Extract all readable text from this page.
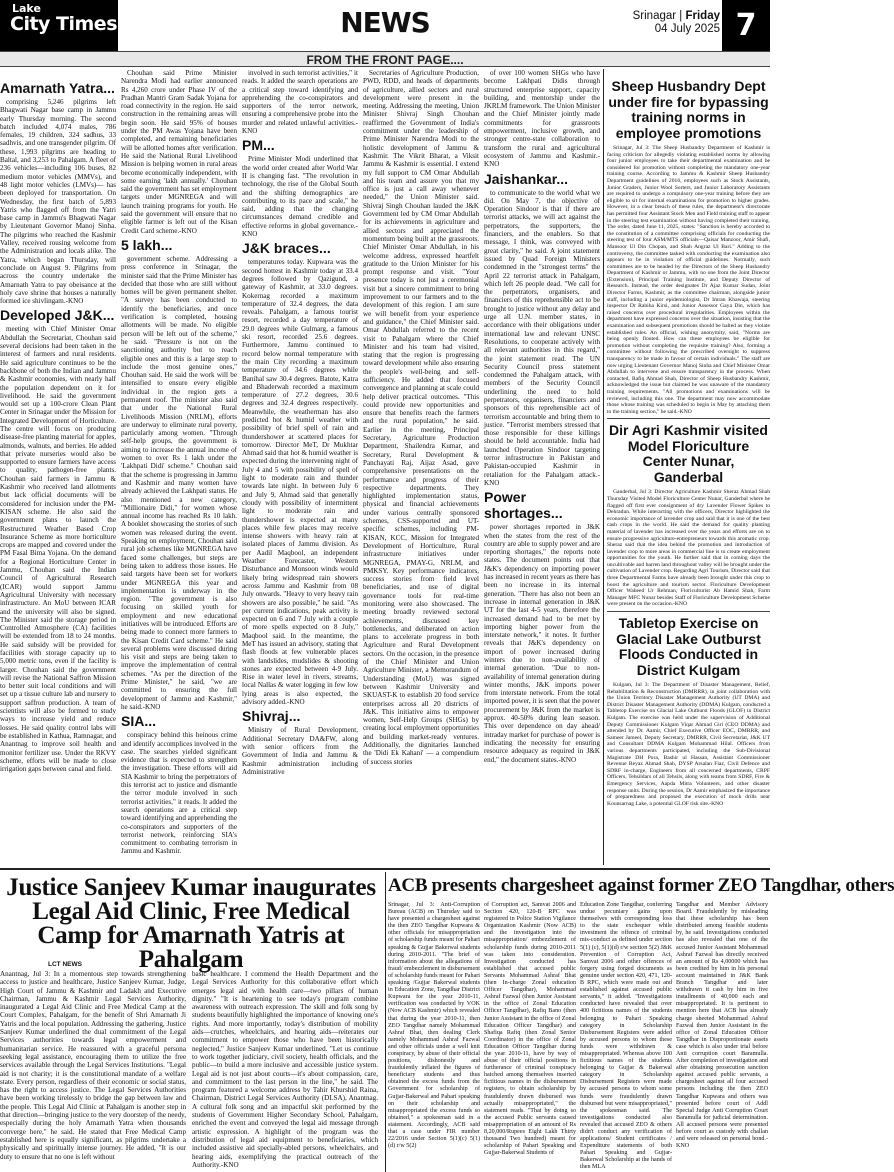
Lake
City Times	NEWS	Srinagar | Friday
04 July 2025 7
FROM THE FRONT PAGE....
Amarnath Yatra...

comprising 5,246 pilgrims left Bhagwati Nagar base camp in Jammu early Thursday morning. The second batch included 4,074 males, 786 females, 19 children, 324 sadhus, 33 sadhvis, and one transgender pilgrim. Of these, 1,993 pilgrims are heading to Baltal, and 3,253 to Pahalgam. A fleet of 236 vehicles—including 106 buses, 82 medium motor vehicles (MMVs), and 48 light motor vehicles (LMVs)— has been deployed for transportation. On Wednesday, the first batch of 5,893 Yatris who flagged off from the Yatri base camp in Jammu's Bhagwati Nagar by Lieutenant Governor Manoj Sinha. The pilgrims who reached the Kashmir Valley, received rousing welcome from the Administration and locals alike. The Yatra, which began Thursday, will conclude on August 9. Pilgrims from across the country undertake the Amarnath Yatra to pay obeisance at the holy cave shrine that houses a naturally formed ice shivlingam.-KNO

Developed J&K...

meeting with Chief Minister Omar Abdullah the Secretariat, Chouhan said several decisions had been taken in the interest of farmers and rural residents. He said agriculture continues to be the backbone of both the Indian and Jammu & Kashmir economies, with nearly half the population dependent on it for livelihood. He said the government would set up a 100-crore Clean Plant Center in Srinagar under the Mission for Integrated Development of Horticulture. The centre will focus on producing disease-free planting material for apples, almonds, walnuts, and berries. He added that private nurseries would also be supported to ensure farmers have access to quality, pathogen-free plants. Chouhan said farmers in Jammu & Kashmir who received land allotments but lack official documents will be considered for inclusion under the PM-KISAN scheme. He also said the government plans to launch the Restructured Weather Based Crop Insurance Scheme as more horticulture crops are mapped and covered under the PM Fasal Bima Yojana. On the demand for a Regional Horticulture Center in Jammu, Chouhan said the Indian Council of Agricultural Research (ICAR) would support Jammu Agricultural University with necessary infrastructure. An MoU between ICAR and the university will also be signed. The Minister said the storage period in Controlled Atmosphere (CA) facilities will be extended from 18 to 24 months. He said subsidy will be provided for facilities with storage capacity up to 5,000 metric tons, even if the facility is larger. Chouhan said the government will revise the National Saffron Mission to better suit local conditions and will set up a tissue culture lab and nursery to support saffron production. A team of scientists will also be formed to study ways to increase yield and reduce losses. He said quality control labs will be established in Kathua, Ramnagar, and Anantnag to improve soil health and monitor fertilizer use. Under the RKVY scheme, efforts will be made to close irrigation gaps between canal and field.

Chouhan said Prime Minister Narendra Modi had earlier announced Rs 4,260 crore under Phase IV of the Pradhan Mantri Gram Sadak Yojana for road connectivity in the region. He said construction in the remaining areas will begin soon. He said 95% of houses under the PM Awas Yojana have been completed, and remaining beneficiaries will be allotted homes after verification. He said the National Rural Livelihood Mission is helping women in rural areas become economically independent, with some earning 'lakh annually.' Chouhan said the government has set employment targets under MGNREGA and will launch training programs for youth. He said the government will ensure that no eligible farmer is left out of the Kisan Credit Card scheme.-KNO

5 lakh...

government scheme. Addressing a press conference in Srinagar, the minister said that the Prime Minister has decided that those who are still without homes will be given permanent shelter. "A survey has been conducted to identify the beneficiaries, and once verification is completed, housing allotments will be made. No eligible person will be left out of the scheme," he said. "Pressure is not on the sanctioning authority but to reach eligible ones and this is a large step to include the most genuine ones," Chouhan said. He said the work will be intensified to ensure every eligible individual in the region gets a permanent roof. The minister also said that under the National Rural Livelihoods Mission (NRLM), efforts are underway to eliminate rural poverty, particularly among women. "Through self-help groups, the government is aiming to increase the annual income of women to over Rs 1 lakh under the 'Lakhpati Didi' scheme." Chouhan said that the scheme is progressing in Jammu and Kashmir and many women have already achieved the Lakhpati status. He also mentioned a new category, "Millionaire Didi," for women whose annual income has reached Rs 10 lakh. A booklet showcasing the stories of such women was released during the event. Speaking on employment, Chouhan said rural job schemes like MGNREGA have faced some challenges, but steps are being taken to address those issues. He said targets have been set for workers under MGNREGA this year and implementation is underway in the region. "The government is also focusing on skilled youth for employment and new educational initiatives will be introduced. Efforts are being made to connect more farmers to the Kisan Credit Card scheme." He said several problems were discussed during his visit and steps are being taken to improve the implementation of central schemes. "As per the direction of the Prime Minister," he said, "we are committed to ensuring the full development of Jammu and Kashmir," he said.-KNO

SIA...

conspiracy behind this heinous crime and identify accomplices involved in the case. The searches yielded significant evidence that is expected to strengthen the investigation. These efforts will aid SIA Kashmir to bring the perpetrators of this terrorist act to justice and dismantle the terror module involved in such terrorist activities," it reads. It added the search operations are a critical step toward identifying and apprehending the co-conspirators and supporters of the terrorist network, reinforcing SIA's commitment to combating terrorism in Jammu and Kashmir.

involved in such terrorist activities," it reads. It added the search operations are a critical step toward identifying and apprehending the co-conspirators and supporters of the terror network, ensuring a comprehensive probe into the murder and related unlawful activities.-KNO

PM...

Prime Minister Modi underlined that the world order created after World War II is changing fast. "The revolution in technology, the rise of the Global South and the shifting demographics are contributing to its pace and scale," he said, adding that the changing circumstances demand credible and effective reforms in global governance.-KNO

J&K braces...

temperatures today. Kupwara was the second hottest in Kashmir today at 33.4 degrees followed by Qazigund, a gateway of Kashmir, at 33.0 degrees. Kokernag recorded a maximum temperature of 32.4 degrees, the data reveals. Pahalgam, a famous tourist resort, recorded a day temperature of 29.0 degrees while Gulmarg, a famous ski resort, recorded 25.6 degrees. Furthermore, Jammu continued to record below normal temperature with the main City recording a maximum temperature of 34.6 degrees while Banihal saw 30.4 degrees. Batote, Katra and Bhaderwah recorded a maximum temperature of 27.2 degrees, 30.6 degrees and 32.4 degrees respectively. Meanwhile, the weatherman has also predicted hot & humid weather with possibility of brief spell of rain and thundershower at scattered places for tomorrow. Director MeT, Dr Mukhtar Ahmad said that hot & humid weather is expected during the intervening night of July 4 and 5 with possibility of spell of light to moderate rain and thunder towards late night. In between July 6 and July 9, Ahmad said that generally cloudy with possibility of intermittent light to moderate rain and thundershower is expected at many places while few places may receive intense showers with heavy rain at isolated places of Jammu division. As per Aadil Maqbool, an independent Weather Forecaster, Western Disturbance and Monsoon winds would likely bring widespread rain showers across Jammu and Kashmir from 08 July onwards. "Heavy to very heavy rain showers are also possible," he said. "As per current indications, peak activity is expected on 6 and 7 July with a couple of more spells expected on 8 July," Maqbool said. In the meantime, the MeT has issued an advisory, stating that flash floods at few vulnerable places with landslides, mudslides & shooting stones are expected between 4-9 July. Rise in water level in rivers, streams, local Nallas & water logging in few low lying areas is also expected, the advisory added.-KNO

Shivraj...

Ministry of Rural Development, Additional Secretary DA&FW, along with senior officers from the Government of India and Jammu & Kashmir administration including Administrative

Secretaries of Agriculture Production, PWD, RDD, and heads of departments of agriculture, allied sectors and rural development were present in the meeting. Addressing the meeting, Union Minister Shivraj Singh Chouhan reaffirmed the Government of India's commitment under the leadership of Prime Minister Narendra Modi to the holistic development of Jammu & Kashmir. The Vikrit Bharat, a Viksit Jammu & Kashmir is essential. I extend my full support to CM Omar Abdullah and his team and assure you that my office is just a call away whenever needed," the Union Minister said. Shivraj Singh Chouhan lauded the J&K Government led by CM Omar Abdullah for its achievements in agriculture and allied sectors and appreciated the momentum being built at the grassroots. Chief Minister Omar Abdullah, in his welcome address, expressed heartfelt gratitude to the Union Minister for his prompt response and visit. "Your presence today is not just a ceremonial visit but a sincere commitment to bring improvement to our farmers and to the development of this region. I am sure we will benefit from your experience and guidance," the Chief Minister said. Omar Abdullah referred to the recent visit to Pahalgam where the Chief Minister and his team had visited, stating that the region is progressing toward development while also ensuring the people's well-being and self-sufficiency. He added that focused convergence and planning at scale could help deliver practical outcomes. "This could provide new opportunities and ensure that benefits reach the farmers and the rural population," he said. Earlier in the meeting, Principal Secretary, Agriculture Production Department, Shailendra Kumar, and Secretary, Rural Development & Panchayati Raj, Aijaz Asad, gave comprehensive presentations on the performance and progress of their respective departments. They highlighted implementation status, physical and financial achievements under various centrally sponsored schemes, CSS-supported and UT-specific schemes, including PM-KISAN, KCC, Mission for Integrated Development of Horticulture, Rural infrastructure initiatives under MGNREGA, PMAY-G, NRLM, and PMKSY. Key performance indicators, success stories from field level beneficiaries, and use of digital governance tools for real-time monitoring were also showcased. The meeting broadly reviewed sectoral achievements, discussed key bottlenecks, and deliberated on action plans to accelerate progress in both Agriculture and Rural Development sectors. On the occasion, in the presence of the Chief Minister and Union Agriculture Minister, a Memorandum of Understanding (MoU) was signed between Kashmir University and SKUAST-K to establish 20 food service enterprises across all 20 districts of J&K. This initiative aims to empower women, Self-Help Groups (SHGs) by creating local employment opportunities and building market-ready ventures. Additionally, the dignitaries launched the 'Didi Ek Kahani' — a compendium of success stories

of over 100 women SHGs who have become Lakhpati Didis through structured enterprise support, capacity building, and mentorship under the JKRLM framework. The Union Minister and the Chief Minister jointly made commitments for grassroots empowerment, inclusive growth, and stronger centre-state collaboration to transform the rural and agricultural ecosystem of Jammu and Kashmir.-KNO

Jaishankar...

to communicate to the world what we did. On May 7, the objective of Operation Sindoor is that if there are terrorist attacks, we will act against the perpetrators, the supporters, the financiers, and the enablers. So that message, I think, was conveyed with great clarity," he said. A joint statement issued by Quad Foreign Ministers condemned in the "strongest terms" the April 22 terrorist attack in Pahalgam, which left 26 people dead. "We call for the perpetrators, organisers, and financiers of this reprehensible act to be brought to justice without any delay and urge all U.N. member states, in accordance with their obligations under international law and relevant UNSC Resolutions, to cooperate actively with all relevant authorities in this regard," the joint statement read. The UN Security Council press statement condemned the Pahalgam attack, with members of the Security Council underlining the need to hold perpetrators, organisers, financiers and sponsors of this reprehensible act of terrorism accountable and bring them to justice. "Terrorist members stressed that those responsible for these killings should be held accountable. India had launched Operation Sindoor targeting terror infrastructure in Pakistan and Pakistan-occupied Kashmir in retaliation for the Pahalgam attack.-KNO

Power shortages...

power shortages reported in J&K when the states from the rest of the country are able to supply power and are reporting shortages," the reports note states. The document points out that J&K's dependency on importing power has increased in recent years as there has been no increase in its internal generation. "There has also not been an increase in internal generation in J&K UT for the last 4-5 years, therefore the increased demand had to be met by importing higher power from the interstate network," it notes. It further reveals that J&K's dependency on import of power increased during winters due to non-availability of internal generation. "Due to non-availability of internal generation during winter months, J&K imports power from interstate network. From the total imported power, it is seen that the power procurement by J&K from the market is approx. 40-50% during lean season. This over dependence on day ahead/ intraday market for purchase of power is indicating the necessity for ensuring resource adequacy as required in J&K end," the document states.-KNO

Sheep Husbandry Dept under fire for bypassing training norms in employee promotions

Srinagar, Jul 3: The Sheep Husbandry Department of Kashmir is facing criticism for allegedly violating established norms by allowing four junior employees to take their departmental examination and be considered for promotion without completing the mandatory one-year training course. According to Jammu & Kashmir Sheep Husbandry Department guidelines of 2016, employees such as Stock Assistants, Junior Graders, Junior Wool Sorters, and Junior Laboratory Assistants are required to undergo a compulsory one-year training before they are eligible to sit for internal examinations for promotion to higher grades. However, in a clear breach of these rules, the department's directorate has permitted four Assistant Stock Men and Field training staff to appear in the steering test examination without having completed their training. The order, dated June 11, 2025, states: "Sanction is hereby accorded to the constitution of a committee comprising officials for conducting the steering test of four ASM/MTS officials—Qaisar Manzoor, Amir Shafi, Mansoor Ul Din Chopan, and Shah Angraz Ul Bari." Adding to the controversy, the committee tasked with conducting the examination also appears to be in violation of official guidelines. Normally, such committees are to be headed by the Directors of the Sheep Husbandry Department of Kashmir or Jammu, with no one from the Joint Director (Extension), Principal Training Institute, and Deputy Director of Research. Instead, the order designates Dr Ajaz Kumar Sudan, Joint Director Farms, Kashmir, as the committee chairman, alongside junior staff, including a junior epidemiologist, Dr Imran Khawaja, steering inspector Dr Rabiha Kirsi, and Junior Assessor Gaya Din, which has raised concerns over procedural irregularities. Employees within the department have expressed concerns over the situation, insisting that the examination and subsequent promotions should be halted as they violate established rules. An official, wishing anonymity, said, "Norms are being openly flouted. How can these employees be eligible for promotion without completing the requisite training? Also, forming a committee without following the prescribed oversight to suppress transparency to be made in favour of certain individuals." The staff are now urging Lieutenant Governor Manoj Sinha and Chief Minister Omar Abdullah to intervene and ensure transparency in the process. When contacted, Rafiq Ahmad Shah, Director of Sheep Husbandry Kashmir, acknowledged the issue but claimed he was unaware of the mandatory training requirements. "All promotions and examinations will be reviewed, including this one. The department may now accommodate those whose training was scheduled to begin in May by attaching them to the training section," he said.-KNO

Dir Agri Kashmir visited Model Floriculture Center Nunar, Ganderbal

Ganderbal, Jul 3: Director Agriculture Kashmir Sheraz Ahmad Shah Thursday Visited Model Floriculture Center Nunar, Ganderbal where he flagged off first ever consignment of dry Lavender Flower Spikes to Dehradun. While interacting with the officers, Director highlighted the economic importance of lavender crop and said that it is one of the best cash crops in the world. He said the demand for quality planting material of lavender has increased over the years and efforts are on to ensure progressive agriculture-entrepreneurs towards this aromatic crop. Sheraz said that the idea behind the promotion and introduction of lavender crop to more areas in commercial line is to create employment opportunities for the youth. He further said that in coming days the uncultivable and barren land throughout valley will be brought under the cultivation of Lavender crop. Regarding Agri Tourism, Director said that three Departmental Farms have already been brought under this crop to boost the agriculture and tourism sector. Floriculture Development Officer Waheed Ur Rehman, Floriculturist Ab Hamid Shah, Farm Manager MFC Nunar besides Staff of Floriculture Development Scheme were present on the occasion.-KNO

Tabletop Exercise on Glacial Lake Outburst Floods Conducted in District Kulgam

Kulgam, Jul 3: The Department of Disaster Management, Relief, Rehabilitation & Reconstruction (DMRRR), in joint collaboration with the Union Territory Disaster Management Authority (UT DMA) and District Disaster Management Authority (DDMA) Kulgam, conducted a Tabletop Exercise on Glacial Lake Outburst Floods (GLOF) in District Kulgam. The exercise was held under the supervision of Additional Deputy Commissioner Kulgam Viqar Ahmad Giri (CEO DDMA) and attended by Dr. Aamir, Chief Executive Officer EOC, DMRRR, and Sameer Jameel, Deputy Secretary, DMRRR, Civil Secretariat, J&K UT and Consultant DDMA Kulgam Mohammad Hilal. Officers from various departments participated, including the Sub-Divisional Magistrate DH Pora, Bashir ul Hassan, Assistant Commissioner Revenue Reyaz Ahmad Shah, DYSP Arsalan Fiaz, Civil Defence and SDRF in-charge, Engineers from all concerned departments, CRPF Officers, Tehsildars of all Tehsils, along with teams from SDRF, Fire & Emergency Services, Aapda Mitra Volunteers, and other disaster response units. During the session, Dr Aamir emphasized the importance of preparedness and proposed the execution of mock drills near Kounsarnag Lake, a potential GLOF risk site.-KNO

Justice Sanjeev Kumar inaugurates Legal Aid Clinic, Free Medical Camp for Amarnath Yatris at Pahalgam
LCT NEWS
Anantnag, Jul 3: In a momentous step towards strengthening access to justice and healthcare, Justice Sanjeev Kumar, Judge, High Court of Jammu & Kashmir and Ladakh and Executive Chairman, Jammu & Kashmir Legal Services Authority, inaugurated a Legal Aid Clinic and Free Medical Camp at the Court Complex, Pahalgam, for the benefit of Shri Amarnath Ji Yatris and the local population. Addressing the gathering, Justice Sanjeev Kumar underlined the dual commitment of the Legal Services authorities towards legal empowerment and humanitarian service. He reassured with a graceful persona seeking legal assistance, encouraging them to utilize the free services available through the Legal Services Institutions. "Legal aid is not charity; it is the constitutional mandate of a welfare state. Every person, regardless of their economic or social status, has the right to access justice. The Legal Services Authorities have been working tirelessly to bridge the gap between law and the people. This Legal Aid Clinic at Pahalgam is another step in that direction—bringing justice to the very doorstep of the needy, especially during the holy Amarnath Yatra when thousands converge here," he said. He stated that Free Medical Camp established here is equally significant, as pilgrims undertake a physically and spiritually intense journey. He added, "It is our duty to ensure that no one is left without
basic healthcare. I commend the Health Department and the Legal Services Authority for this collaborative effort which emerges legal aid with health care—two pillars of human dignity." "It is heartening to see today's program combine awareness with outreach expression. The skill and folk song by students beautifully highlighted the importance of knowing one's rights. And more importantly, today's distribution of mobility aids—crutches, wheelchairs, and hearing aids—reiterates our commitment to empower those who have been historically neglected," Justice Sanjeev Kumar underlined. "Let us continue to work together judiciary, civil society, health officials, and the public—to build a more inclusive and accessible justice system. Legal aid is not just about courts—it's about compassion, care, and commitment to the last person in the line," he said. The program featured a welcome address by Tahir Khurshid Raina, Chairman, District Legal Services Authority (DLSA), Anantnag. A cultural folk song and an impactful skit performed by the students of Government Higher Secondary School, Pahalgam, enriched the event and conveyed the legal aid message through artistic expression. A highlight of the program was the distribution of legal aid equipment to beneficiaries, which included assistive aid specially-abled persons, wheelchairs, and hearing aids, exemplifying the practical outreach of the Authority.-KNO
ACB presents chargesheet against former ZEO Tangdhar, others
Srinagar, Jul 3: Anti-Corruption Bureau (ACB) on Thursday said to have presented a chargesheet against the then ZEO Tangdhar Kupwara & other officials for misappropriation of scholarship funds meant for Pahari speaking & Gujjar Bakerwal students during 2010-2011. "The brief of information about the allegations of fraud/ embezzlement in disbursement of scholarship funds meant for Pahari speaking /Gujjar Bakerwal students in Education Zone, Tangdhar District Kupwara for the year 2010-11, verification was conducted by VOK (Now ACB Kashmir) which revealed that during the year 2010-11, then ZEO Tangdhar namely Mohammad Ashraf Bhat, then dealing Clerk namely Mohammad Ashraf Fazwal and other officials under a well knit conspiracy, by abuse of their official positions, dishonestly and fraudulently inflated the figures of beneficiary students and thus obtained the excess funds from the Government for scholarship of Gujjar-Bakerwal and Pahari speaking on their scholarship and misappropriated the excess funds so obtained," a spokesman said in a statement. Accordingly, ACB said that a case under FIR number 22/2016 under Section 5(1)(c) 5(1)(d) r/w 5(2)
of Corruption act, Samvat 2006 and Section 420, 120-B RPC was registered in Police Station Vigilance Organization Kashmir (Now ACB) and the investigation into the misappropriation/ embezzlement of scholarship funds during 2010-2011 was taken into consideration. Investigation conducted has established that accused public Servants Mohammad Ashraf Bhat (then In-charge Zonal education Officer Tangdhar), Mohammad Ashraf Fazwal (then Junior Assistant in the office of Zonal Education Officer Tangdhar), Rafiq Bano (then Junior Assistant in the office of Zonal Education Officer Tangdhar) and Shafiqa Rafiq (then Zonal Senior Coordinator) in the office of Zonal Education Officer Tangdhar during the year 2010-11, have by way of abuse of their official positions in furtherance of criminal conspiracy hatched among themselves inserted fictitious names in the disbursement registers, to obtain scholarship by fraudulently drawn disbursed was actually misappropriated," the statement reads. "That by doing so the accused Public servants caused misappropriation of an amount of Rs 8,20,000/Rupees Eight Lakh Thirty thousand Two hundred) meant for scholarship of Pahari Speaking and Gujjar-Bakerwal Students of
Education Zone Tangdhar, conferring undue pecuniary gains upon themselves with corresponding loss to the state exchequer while investment the offence of criminal mis-conduct as defined under section 5(1) (c), 5(1)(d) r/w section 5(2) J&K Prevention of Corruption Act, Samvat 2006 and other offences of forgery using forged documents as genuine under section 420, 471, 120-B RPC, which were made out and established against accused public servants," it added. "Investigations conducted have revealed that over 400 fictitious names of the students belonging to Pahari Speaking category in Scholarship Disbursement Registers were added by accused persons to whom these funds were withdrawn & misappropriated. Whereas above 100 fictitious names of the students belonging to Gujjar & Bakerwal category in Scholarship Disbursement Registers were made by accused persons to whom some funds were fraudulently drawn disbursed but were misappropriated," the spokesman said. The investigations conducted also revealed that accused ZEO & others didn't conduct any verification of applications/ Student certificates / Expenditure statements of both Pahari Speaking and Gujjar-Bakerwal Scholarship at the hands of then MLA
Tangdhar and Member Advisory Board. Fraudulently by misleading that these scholarship has been distributed among feasible students by, he said. Investigations conducted has also revealed that one of the accused Junior Assistant Mohammad Ashraf Fazwal has directly received an amount of Rs 4,00000 which has been credited by him in his personal account maintained in J&K Bank Branch Tangdhar and later withdrawn it cash by him in five installments of 40,000 each and misappropriated. It is pertinent to mention here that ACB has already charge sheeted Mohammad Ashraf Fazwal then Junior Assistant in the office of Zonal Education Officer Tangdhar in Disproportionate assets case which is also under trial before Anti corruption court Baramulla. After completion of investigation and after obtaining prosecution sanction against accused public servants, a chargesheet against all four accused persons including the then ZEO Tangdhar Kupwara and others was presented before court of Addl Special Judge Anti Corruption Court Baramulla for judicial determination. All accused persons were presented before court as custody with challan and were released on personal bond.-KNO
